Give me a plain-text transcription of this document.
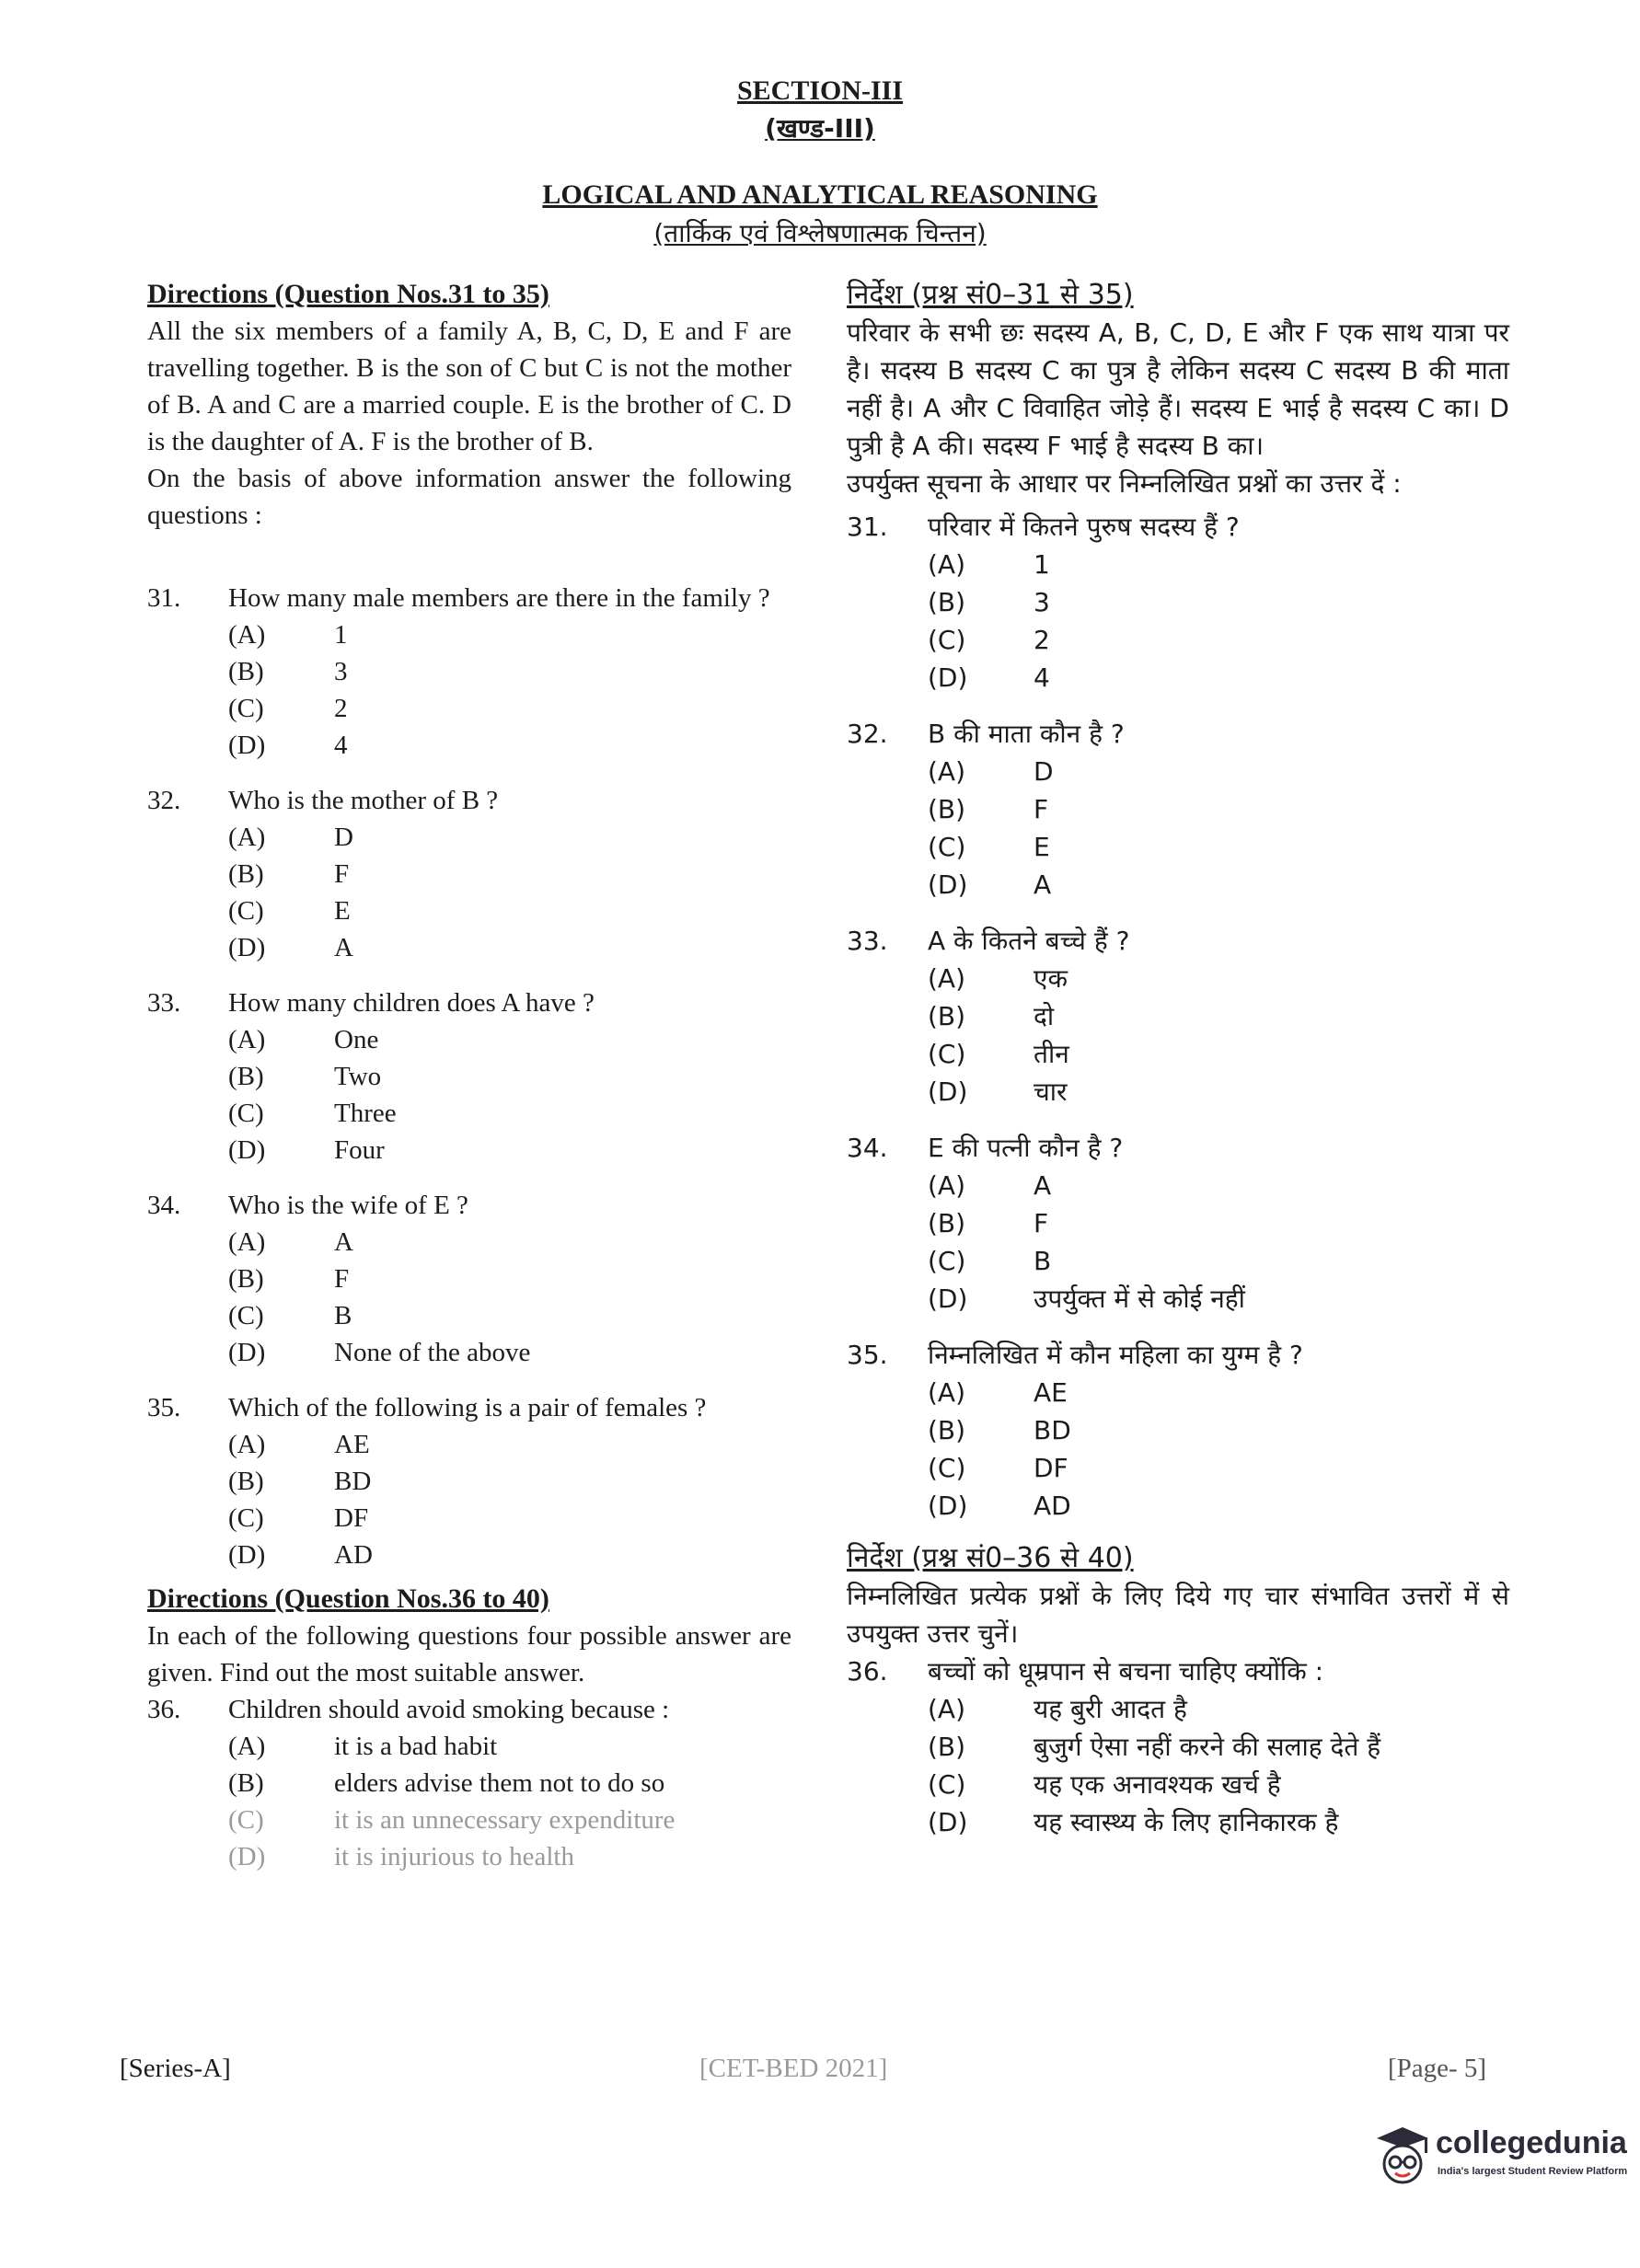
SECTION-III
(खण्ड-III)
LOGICAL AND ANALYTICAL REASONING
(तार्किक एवं विश्लेषणात्मक चिन्तन)
Directions (Question Nos.31 to 35)
All the six members of a family A, B, C, D, E and F are travelling together. B is the son of C but C is not the mother of B. A and C are a married couple. E is the brother of C. D is the daughter of A. F is the brother of B.
On the basis of above information answer the following questions :
31.	How many male members are there in the family ?
(A)	1
(B)	3
(C)	2
(D)	4
32.	Who is the mother of B ?
(A)	D
(B)	F
(C)	E
(D)	A
33.	How many children does A have ?
(A)	One
(B)	Two
(C)	Three
(D)	Four
34.	Who is the wife of E ?
(A)	A
(B)	F
(C)	B
(D)	None of the above
35.	Which of the following is a pair of females ?
(A)	AE
(B)	BD
(C)	DF
(D)	AD
Directions (Question Nos.36 to 40)
In each of the following questions four possible answer are given. Find out the most suitable answer.
36.	Children should avoid smoking because :
(A)	it is a bad habit
(B)	elders advise them not to do so
(C)	it is an unnecessary expenditure
(D)	it is injurious to health
निर्देश (प्रश्न सं0–31 से 35)
परिवार के सभी छः सदस्य A, B, C, D, E और F एक साथ यात्रा पर है। सदस्य B सदस्य C का पुत्र है लेकिन सदस्य C सदस्य B की माता नहीं है। A और C विवाहित जोड़े हैं। सदस्य E भाई है सदस्य C का। D पुत्री है A की। सदस्य F भाई है सदस्य B का।
उपर्युक्त सूचना के आधार पर निम्नलिखित प्रश्नों का उत्तर दें :
31.	परिवार में कितने पुरुष सदस्य हैं ?
(A)	1
(B)	3
(C)	2
(D)	4
32.	B की माता कौन है ?
(A)	D
(B)	F
(C)	E
(D)	A
33.	A के कितने बच्चे हैं ?
(A)	एक
(B)	दो
(C)	तीन
(D)	चार
34.	E की पत्नी कौन है ?
(A)	A
(B)	F
(C)	B
(D)	उपर्युक्त में से कोई नहीं
35.	निम्नलिखित में कौन महिला का युग्म है ?
(A)	AE
(B)	BD
(C)	DF
(D)	AD
निर्देश (प्रश्न सं0–36 से 40)
निम्नलिखित प्रत्येक प्रश्नों के लिए दिये गए चार संभावित उत्तरों में से उपयुक्त उत्तर चुनें।
36.	बच्चों को धूम्रपान से बचना चाहिए क्योंकि :
(A)	यह बुरी आदत है
(B)	बुजुर्ग ऐसा नहीं करने की सलाह देते हैं
(C)	यह एक अनावश्यक खर्च है
(D)	यह स्वास्थ्य के लिए हानिकारक है
[Series-A]	[CET-BED 2021]	[Page- 5]
collegedunia
India's largest Student Review Platform
